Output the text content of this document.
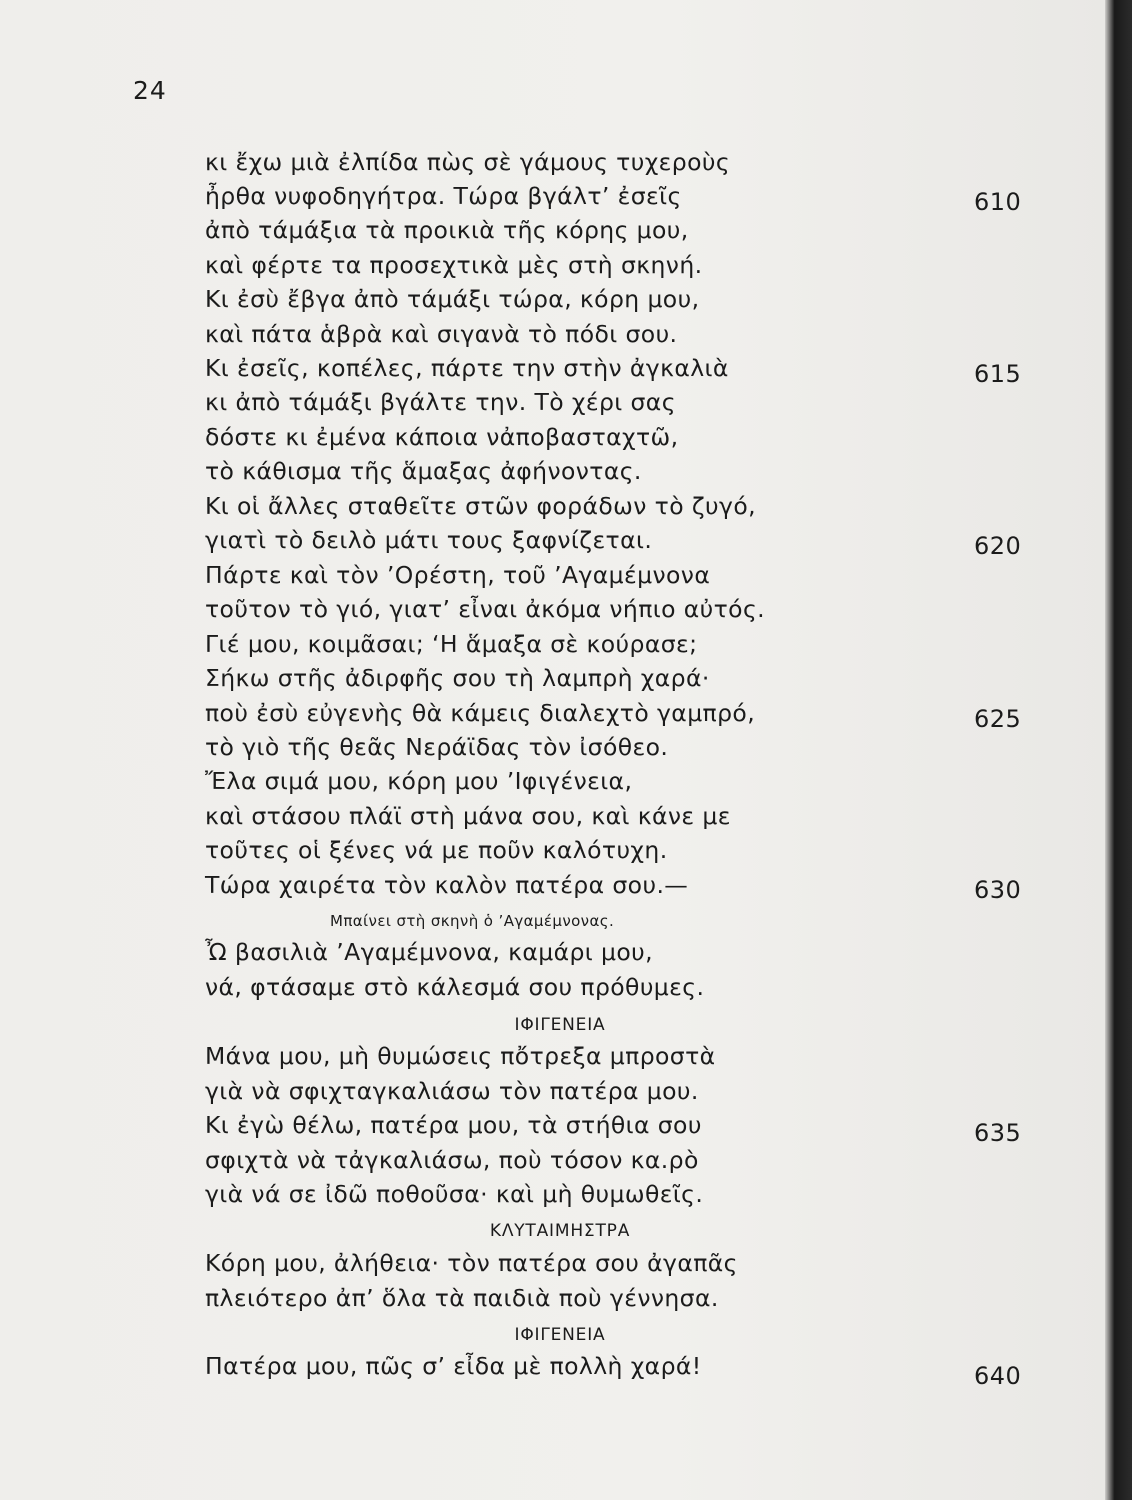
24
κι ἔχω μιὰ ἐλπίδα πὼς σὲ γάμους τυχεροὺς
ἦρθα νυφοδηγήτρα. Τώρα βγάλτ’ ἐσεῖς
ἀπὸ τάμάξια τὰ προικιὰ τῆς κόρης μου,
καὶ φέρτε τα προσεχτικὰ μὲς στὴ σκηνή.
Κι ἐσὺ ἔβγα ἀπὸ τάμάξι τώρα, κόρη μου,
καὶ πάτα ἁβρὰ καὶ σιγανὰ τὸ πόδι σου.
Κι ἐσεῖς, κοπέλες, πάρτε την στὴν ἀγκαλιὰ
κι ἀπὸ τάμάξι βγάλτε την. Τὸ χέρι σας
δόστε κι ἐμένα κάποια νἀποβασταχτῶ,
τὸ κάθισμα τῆς ἅμαξας ἀφήνοντας.
Κι οἱ ἄλλες σταθεῖτε στῶν φοράδων τὸ ζυγό,
γιατὶ τὸ δειλὸ μάτι τους ξαφνίζεται.
Πάρτε καὶ τὸν ’Ορέστη, τοῦ ’Αγαμέμνονα
τοῦτον τὸ γιό, γιατ’ εἶναι ἀκόμα νήπιο αὐτός.
Γιέ μου, κοιμᾶσαι; ‘Η ἅμαξα σὲ κούρασε;
Σήκω στῆς ἀδιρφῆς σου τὴ λαμπρὴ χαρά·
ποὺ ἐσὺ εὐγενὴς θὰ κάμεις διαλεχτὸ γαμπρό,
τὸ γιὸ τῆς θεᾶς Νεράϊδας τὸν ἰσόθεο.
Ἔλα σιμά μου, κόρη μου ’Ιφιγένεια,
καὶ στάσου πλάϊ στὴ μάνα σου, καὶ κάνε με
τοῦτες οἱ ξένες νά με ποῦν καλότυχη.
Τώρα χαιρέτα τὸν καλὸν πατέρα σου.—
Μπαίνει στὴ σκηνὴ ὁ ’Αγαμέμνονας.
Ὦ βασιλιὰ ’Αγαμέμνονα, καμάρι μου,
νά, φτάσαμε στὸ κάλεσμά σου πρόθυμες.
ΙΦΙΓΕΝΕΙΑ
Μάνα μου, μὴ θυμώσεις πὄτρεξα μπροστὰ
γιὰ νὰ σφιχταγκαλιάσω τὸν πατέρα μου.
Κι ἐγὼ θέλω, πατέρα μου, τὰ στήθια σου
σφιχτὰ νὰ τἀγκαλιάσω, ποὺ τόσον κα.ρὸ
γιὰ νά σε ἰδῶ ποθοῦσα· καὶ μὴ θυμωθεῖς.
ΚΛΥΤΑΙΜΗΣΤΡΑ
Κόρη μου, ἀλήθεια· τὸν πατέρα σου ἀγαπᾶς
πλειότερο ἀπ’ ὅλα τὰ παιδιὰ ποὺ γέννησα.
ΙΦΙΓΕΝΕΙΑ
Πατέρα μου, πῶς σ’ εἶδα μὲ πολλὴ χαρά!
610
615
620
625
630
635
640
